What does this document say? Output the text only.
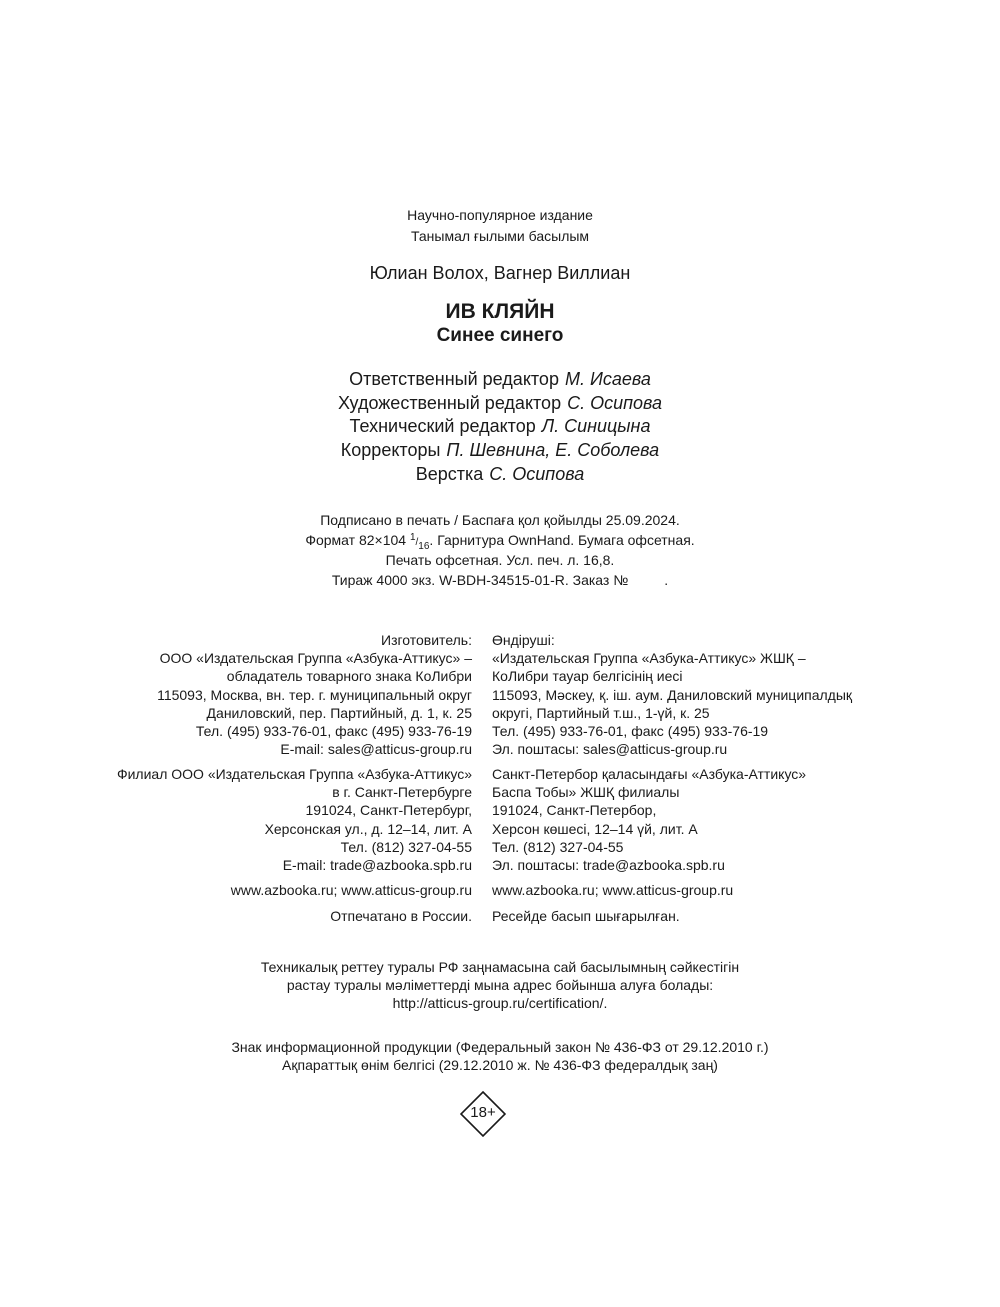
Научно-популярное издание
Танымал ғылыми басылым
Юлиан Волох, Вагнер Виллиан
ИВ КЛЯЙН
Синее синего
Ответственный редактор М. Исаева
Художественный редактор С. Осипова
Технический редактор Л. Синицына
Корректоры П. Шевнина, Е. Соболева
Верстка С. Осипова
Подписано в печать / Баспаға қол қойылды 25.09.2024.
Формат 82×104 1/16. Гарнитура OwnHand. Бумага офсетная.
Печать офсетная. Усл. печ. л. 16,8.
Тираж 4000 экз. W-BDH-34515-01-R. Заказ №	.
Изготовитель:
ООО «Издательская Группа «Азбука-Аттикус» –
обладатель товарного знака КоЛибри
115093, Москва, вн. тер. г. муниципальный округ
Даниловский, пер. Партийный, д. 1, к. 25
Тел. (495) 933-76-01, факс (495) 933-76-19
E-mail: sales@atticus-group.ru
Өндіруші:
«Издательская Группа «Азбука-Аттикус» ЖШҚ –
КоЛибри тауар белгісінің иесі
115093, Мәскеу, қ. іш. аум. Даниловский муниципалдық
округі, Партийный т.ш., 1-үй, к. 25
Тел. (495) 933-76-01, факс (495) 933-76-19
Эл. поштасы: sales@atticus-group.ru
Филиал ООО «Издательская Группа «Азбука-Аттикус»
в г. Санкт-Петербурге
191024, Санкт-Петербург,
Херсонская ул., д. 12–14, лит. А
Тел. (812) 327-04-55
E-mail: trade@azbooka.spb.ru
Санкт-Петербор қаласындағы «Азбука-Аттикус»
Баспа Тобы» ЖШҚ филиалы
191024, Санкт-Петербор,
Херсон көшесі, 12–14 үй, лит. А
Тел. (812) 327-04-55
Эл. поштасы: trade@azbooka.spb.ru
www.azbooka.ru; www.atticus-group.ru www.azbooka.ru; www.atticus-group.ru
Отпечатано в России. Ресейде басып шығарылған.
Техникалық реттеу туралы РФ заңнамасына сай басылымның сәйкестігін
растау туралы мәліметтерді мына адрес бойынша алуға болады:
http://atticus-group.ru/certification/.
Знак информационной продукции (Федеральный закон № 436-ФЗ от 29.12.2010 г.)
Ақпараттық өнім белгісі (29.12.2010 ж. № 436-ФЗ федералдық заң)
18+
